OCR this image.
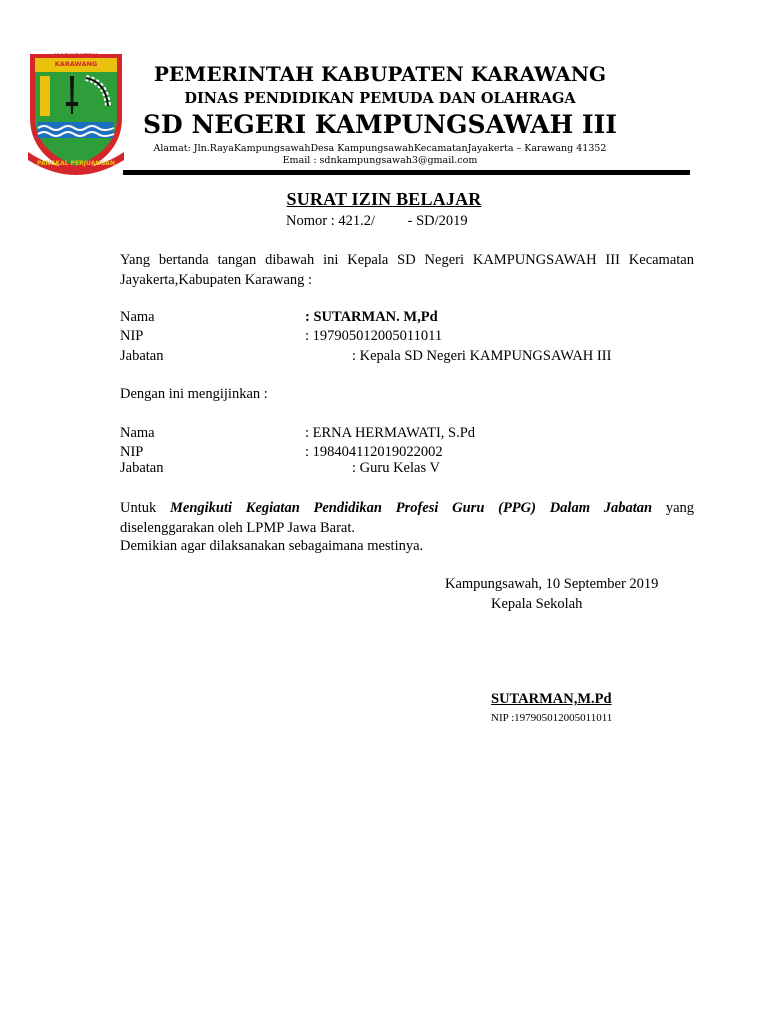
KABUPATEN KARAWANG
PANGKAL PERJUANGAN
PEMERINTAH KABUPATEN KARAWANG
DINAS PENDIDIKAN PEMUDA DAN OLAHRAGA
SD NEGERI KAMPUNGSAWAH III
Alamat: Jln.RayaKampungsawahDesa KampungsawahKecamatanJayakerta – Karawang 41352
Email : sdnkampungsawah3@gmail.com
SURAT IZIN BELAJAR
Nomor : 421.2/         - SD/2019
Yang bertanda tangan dibawah ini Kepala SD Negeri KAMPUNGSAWAH III Kecamatan Jayakerta,Kabupaten Karawang :
Nama	: SUTARMAN. M,Pd
NIP	: 197905012005011011
Jabatan	: Kepala SD Negeri KAMPUNGSAWAH III
Dengan ini mengijinkan :
Nama	: ERNA HERMAWATI, S.Pd
NIP	: 198404112019022002
Jabatan	: Guru Kelas V
Untuk Mengikuti Kegiatan Pendidikan Profesi Guru (PPG) Dalam Jabatan yang diselenggarakan oleh LPMP Jawa Barat.
Demikian agar dilaksanakan sebagaimana mestinya.
Kampungsawah, 10 September 2019
Kepala Sekolah
SUTARMAN,M.Pd
NIP :197905012005011011
